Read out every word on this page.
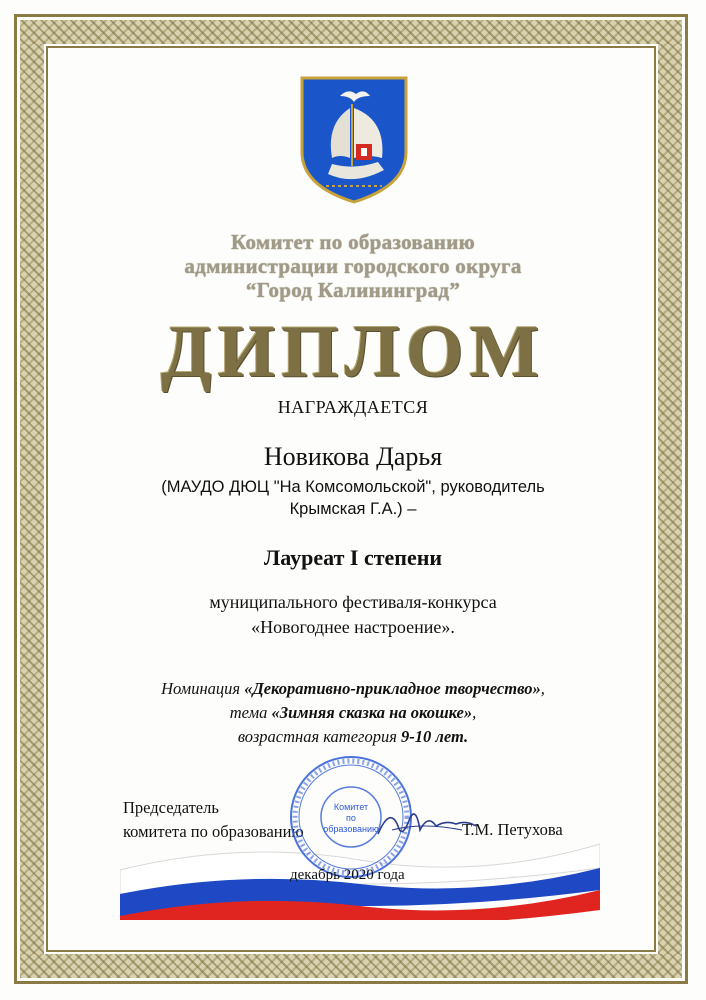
Комитет по образованию
администрации городского округа
“Город Калининград”
ДИПЛОМ
НАГРАЖДАЕТСЯ
Новикова Дарья
(МАУДО ДЮЦ "На Комсомольской", руководитель
Крымская Г.А.) –
Лауреат I степени
муниципального фестиваля-конкурса
«Новогоднее настроение».
Номинация «Декоративно-прикладное творчество»,
тема «Зимняя сказка на окошке»,
возрастная категория 9-10 лет.
Председатель
комитета по образованию
Комитет
по
образованию	Т.М. Петухова
декабрь 2020 года
